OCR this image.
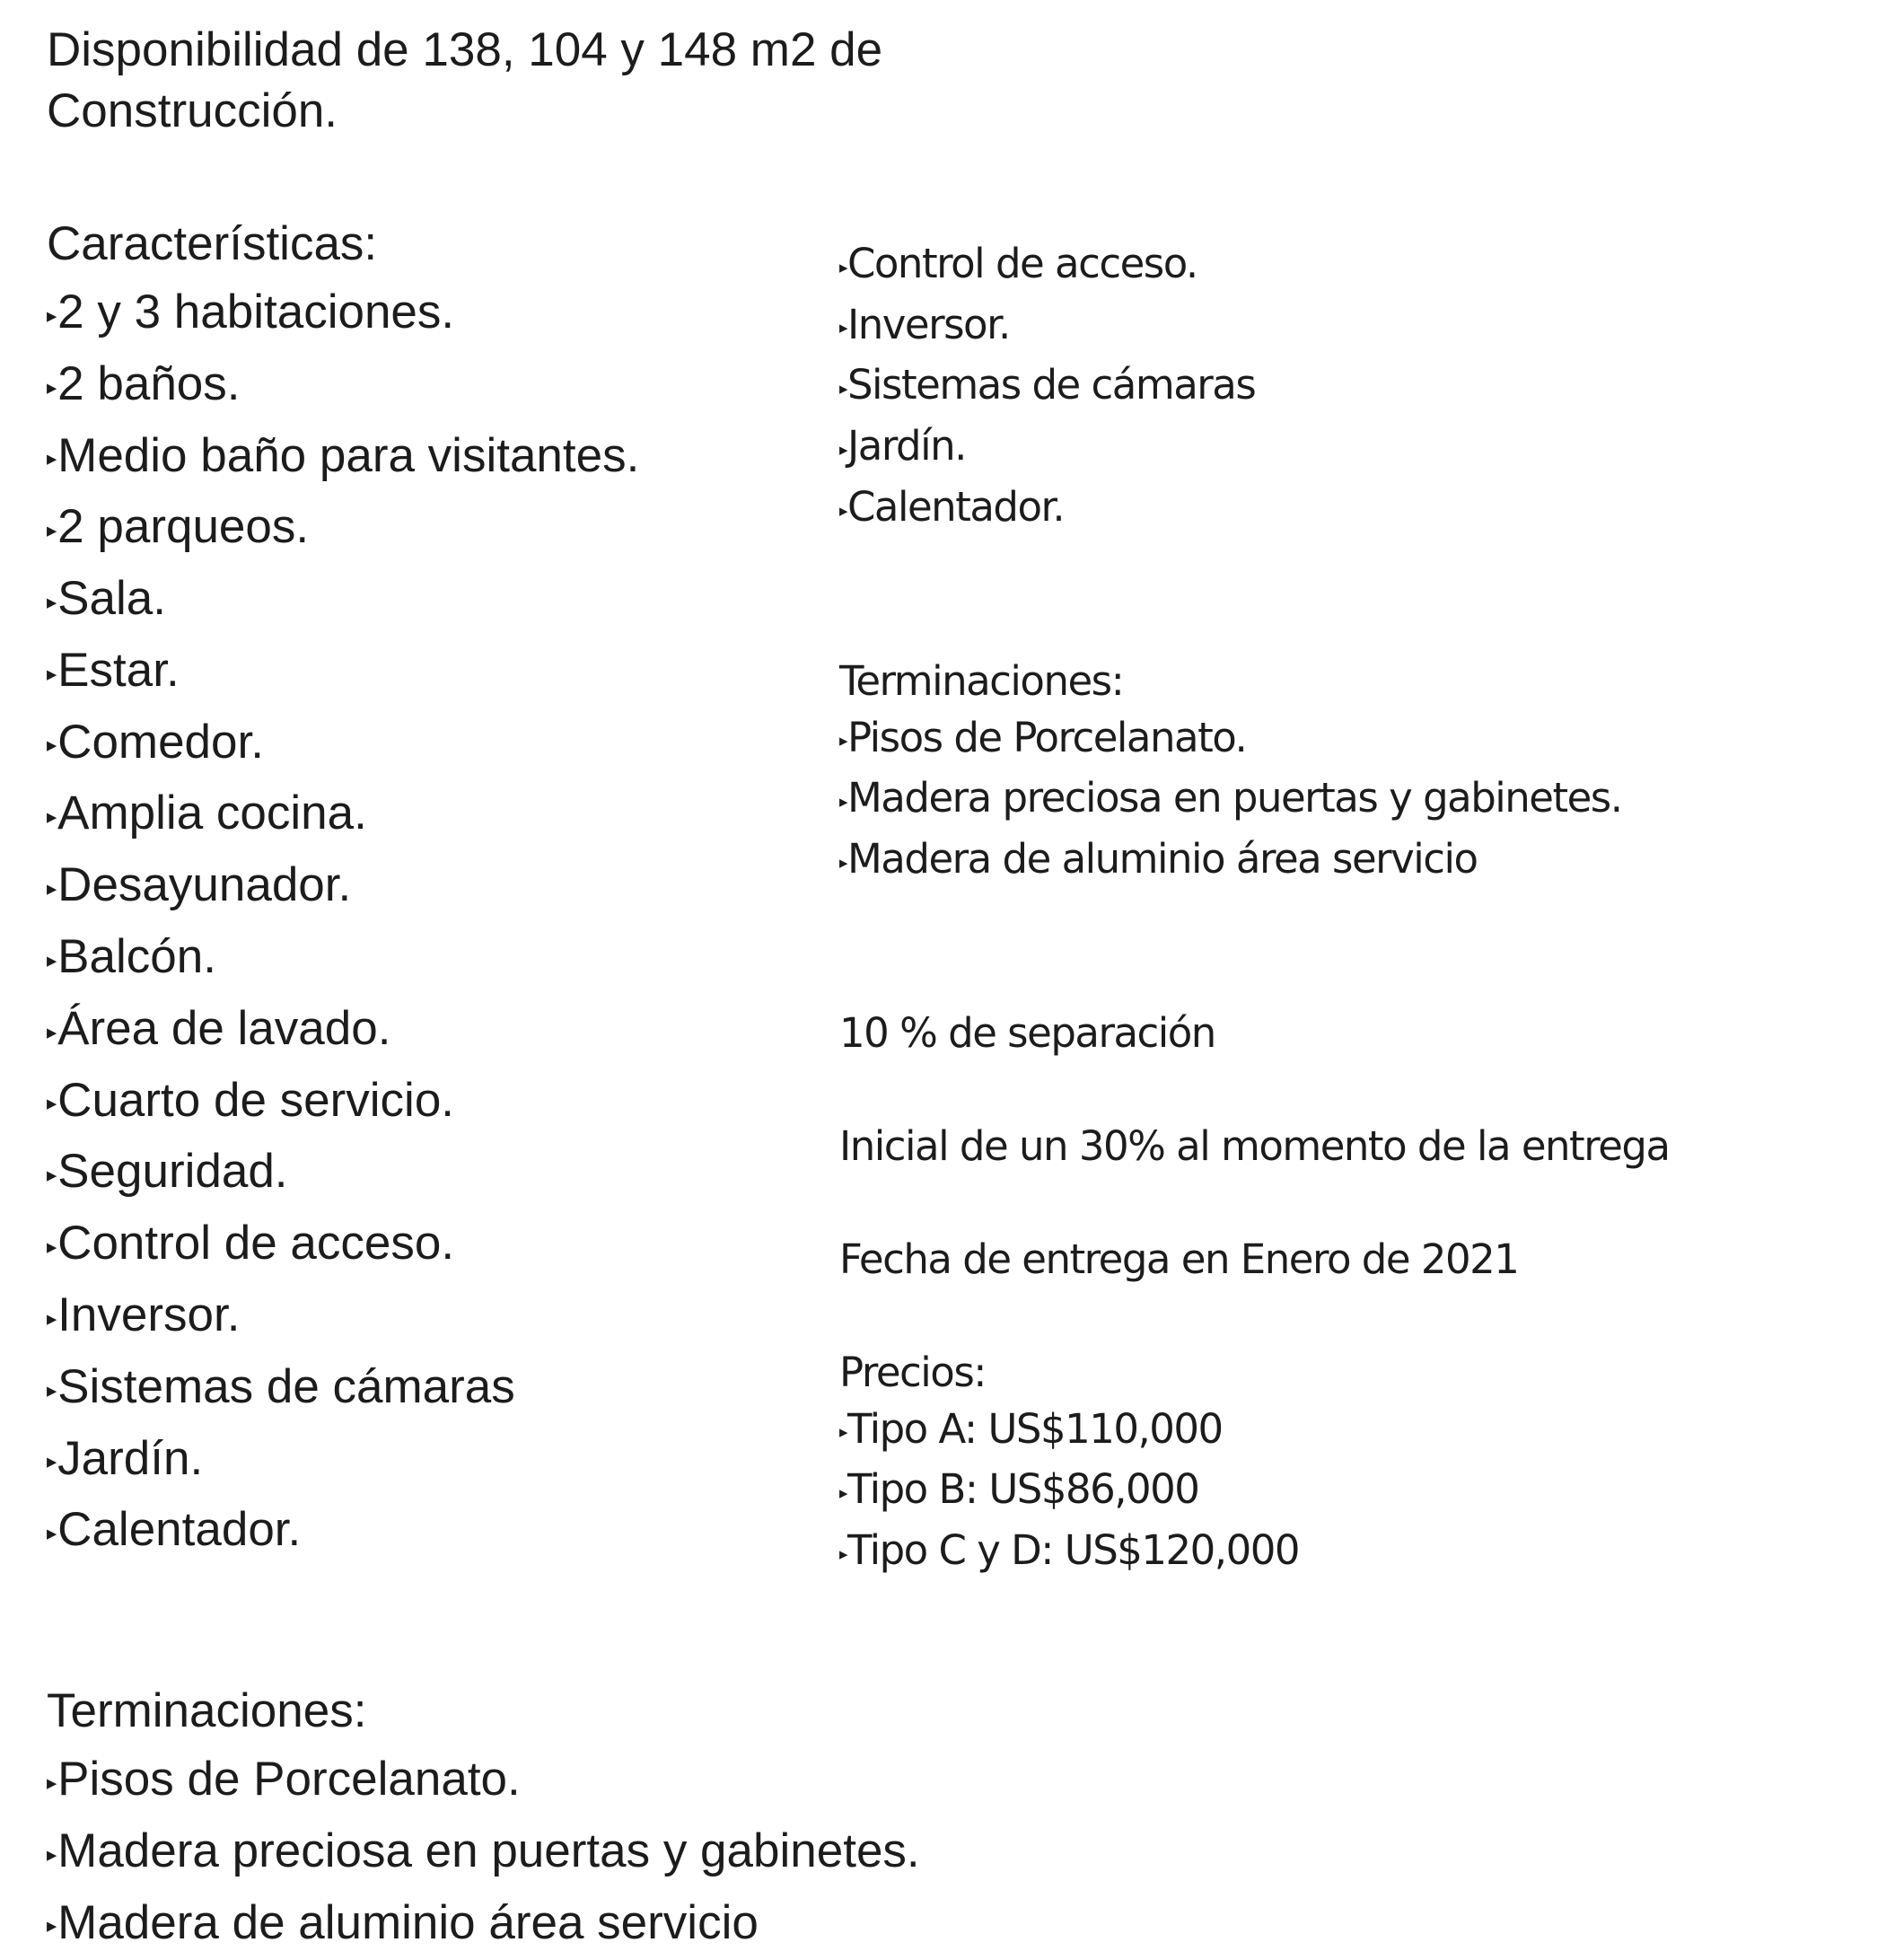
Disponibilidad de 138, 104 y 148 m2 de
Construcción.
Características:
▸2 y 3 habitaciones.
▸2 baños.
▸Medio baño para visitantes.
▸2 parqueos.
▸Sala.
▸Estar.
▸Comedor.
▸Amplia cocina.
▸Desayunador.
▸Balcón.
▸Área de lavado.
▸Cuarto de servicio.
▸Seguridad.
▸Control de acceso.
▸Inversor.
▸Sistemas de cámaras
▸Jardín.
▸Calentador.
Terminaciones:
▸Pisos de Porcelanato.
▸Madera preciosa en puertas y gabinetes.
▸Madera de aluminio área servicio
▸Control de acceso.
▸Inversor.
▸Sistemas de cámaras
▸Jardín.
▸Calentador.
Terminaciones:
▸Pisos de Porcelanato.
▸Madera preciosa en puertas y gabinetes.
▸Madera de aluminio área servicio
10 % de separación
Inicial de un 30% al momento de la entrega
Fecha de entrega en Enero de 2021
Precios:
▸Tipo A: US$110,000
▸Tipo B: US$86,000
▸Tipo C y D: US$120,000
